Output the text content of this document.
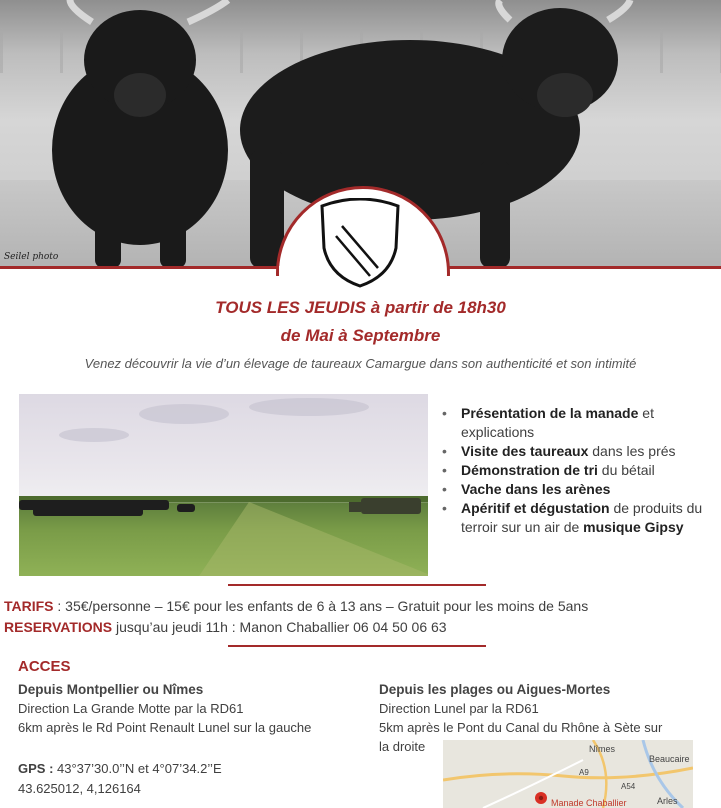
Seilel photo
TOUS LES JEUDIS à partir de 18h30
de Mai à Septembre
Venez découvrir la vie d’un élevage de taureaux Camargue dans son authenticité et son intimité
• Présentation de la manade et explications
• Visite des taureaux dans les prés
• Démonstration de tri du bétail
• Vache dans les arènes
• Apéritif et dégustation de produits du terroir sur un air de musique Gipsy
TARIFS : 35€/personne – 15€ pour les enfants de 6 à 13 ans – Gratuit pour les moins de 5ans
RESERVATIONS jusqu’au jeudi 11h : Manon Chaballier 06 04 50 06 63
ACCES
Depuis Montpellier ou Nîmes
Direction La Grande Motte par la RD61
6km après le Rd Point Renault Lunel sur la gauche
Depuis les plages ou Aigues-Mortes
Direction Lunel par la RD61
5km après le Pont du Canal du Rhône à Sète sur
la droite
GPS : 43°37’30.0’’N et 4°07’34.2’’E
43.625012, 4,126164
Nîmes
Beaucaire
A9
A54
Manade Chaballier	Arles
